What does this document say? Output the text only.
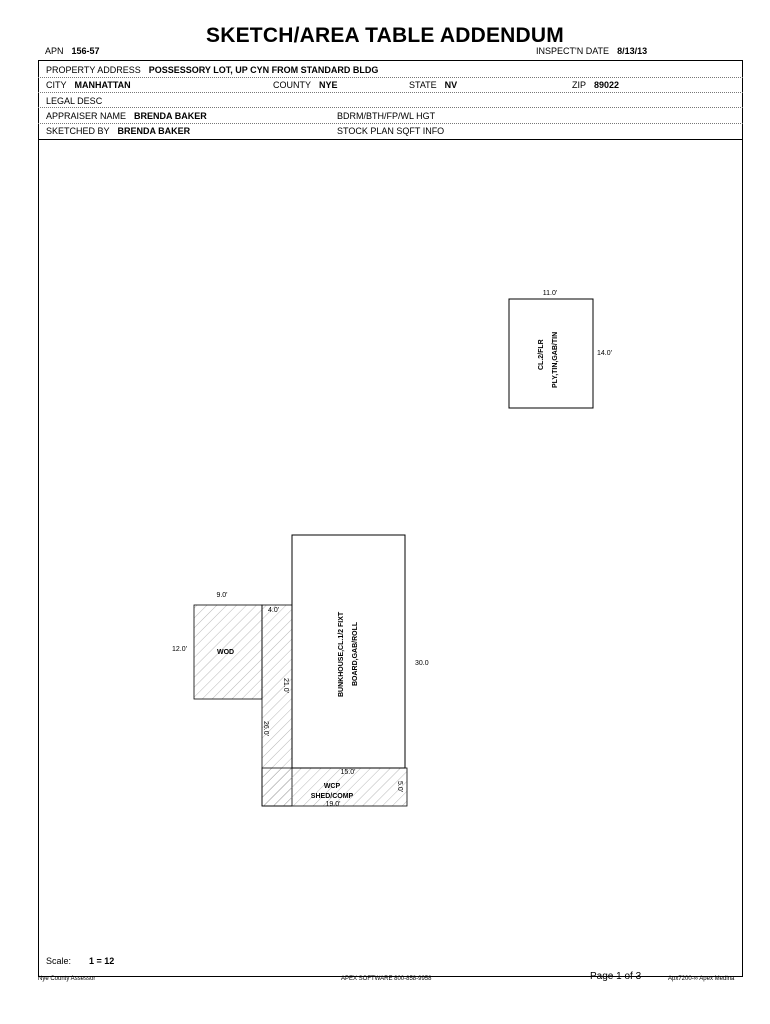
SKETCH/AREA TABLE ADDENDUM
APN 156-57	INSPECT'N DATE 8/13/13
PROPERTY ADDRESS POSSESSORY LOT, UP CYN FROM STANDARD BLDG
CITY MANHATTAN	COUNTY NYE	STATE NV	ZIP 89022
LEGAL DESC
APPRAISER NAME BRENDA BAKER	BDRM/BTH/FP/WL HGT
SKETCHED BY BRENDA BAKER	STOCK PLAN SQFT INFO
11.0'
14.0'
CL.2/FLR PLY,TIN,GAB/TIN
9.0'
12.0'	WOD
4.0'
21.0'	BUNKHOUSE,CL.1/2 FIXT BOARD,GAB/ROLL	30.0
26.0'
15.0'
WCP
SHED/COMP
19.0'
5.0'
Scale: 1 = 12
Nye County Assessor	APEX SOFTWARE 800-858-9958	Page 1 of 3	Apx7200-∞ Apex Medina
